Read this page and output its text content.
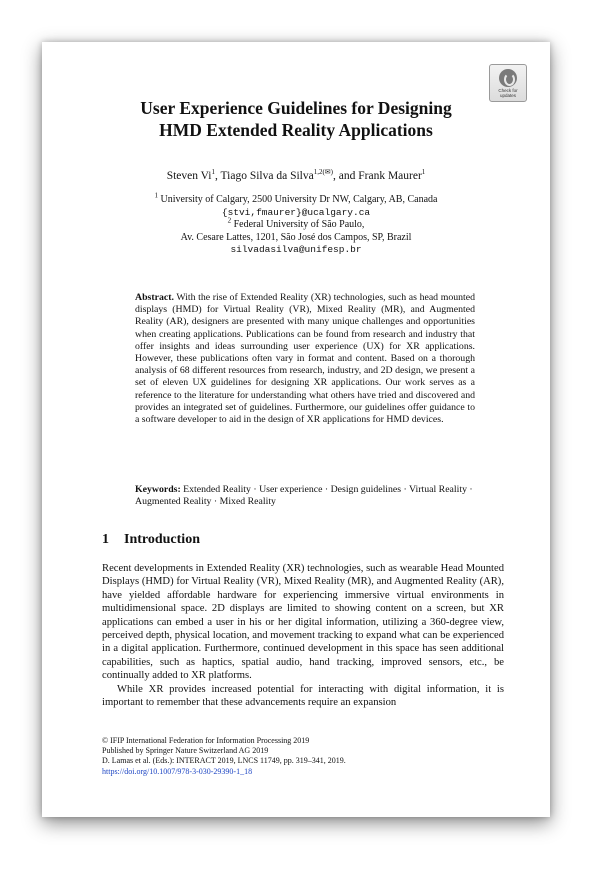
Check for
updates
User Experience Guidelines for Designing
HMD Extended Reality Applications
Steven Vi$^1$, Tiago Silva da Silva$^{1,2(✉)}$, and Frank Maurer$^1$
$^1$ University of Calgary, 2500 University Dr NW, Calgary, AB, Canada
{stvi,fmaurer}@ucalgary.ca
$^2$ Federal University of São Paulo,
Av. Cesare Lattes, 1201, São José dos Campos, SP, Brazil
silvadasilva@unifesp.br
Abstract. With the rise of Extended Reality (XR) technologies, such as head mounted displays (HMD) for Virtual Reality (VR), Mixed Reality (MR), and Augmented Reality (AR), designers are presented with many unique challenges and opportunities when creating applications. Publications can be found from research and industry that offer insights and ideas surrounding user experience (UX) for XR applications. However, these publications often vary in format and content. Based on a thorough analysis of 68 different resources from research, industry, and 2D design, we present a set of eleven UX guidelines for designing XR applications. Our work serves as a reference to the literature for understanding what others have tried and discovered and provides an integrated set of guidelines. Furthermore, our guidelines offer guidance to a software developer to aid in the design of XR applications for HMD devices.
Keywords: Extended Reality · User experience · Design guidelines · Virtual Reality · Augmented Reality · Mixed Reality
1 Introduction

Recent developments in Extended Reality (XR) technologies, such as wearable Head Mounted Displays (HMD) for Virtual Reality (VR), Mixed Reality (MR), and Augmented Reality (AR), have yielded affordable hardware for experiencing immersive virtual environments in multidimensional space. 2D displays are limited to showing content on a screen, but XR applications can embed a user in his or her digital information, utilizing a 360-degree view, perceived depth, physical location, and movement tracking to expand what can be experienced in a digital application. Furthermore, continued development in this space has seen additional capabilities, such as haptics, spatial audio, hand tracking, improved sensors, etc., be continually added to XR platforms.

While XR provides increased potential for interacting with digital information, it is important to remember that these advancements require an expansion

© IFIP International Federation for Information Processing 2019
Published by Springer Nature Switzerland AG 2019
D. Lamas et al. (Eds.): INTERACT 2019, LNCS 11749, pp. 319–341, 2019.
https://doi.org/10.1007/978-3-030-29390-1_18
